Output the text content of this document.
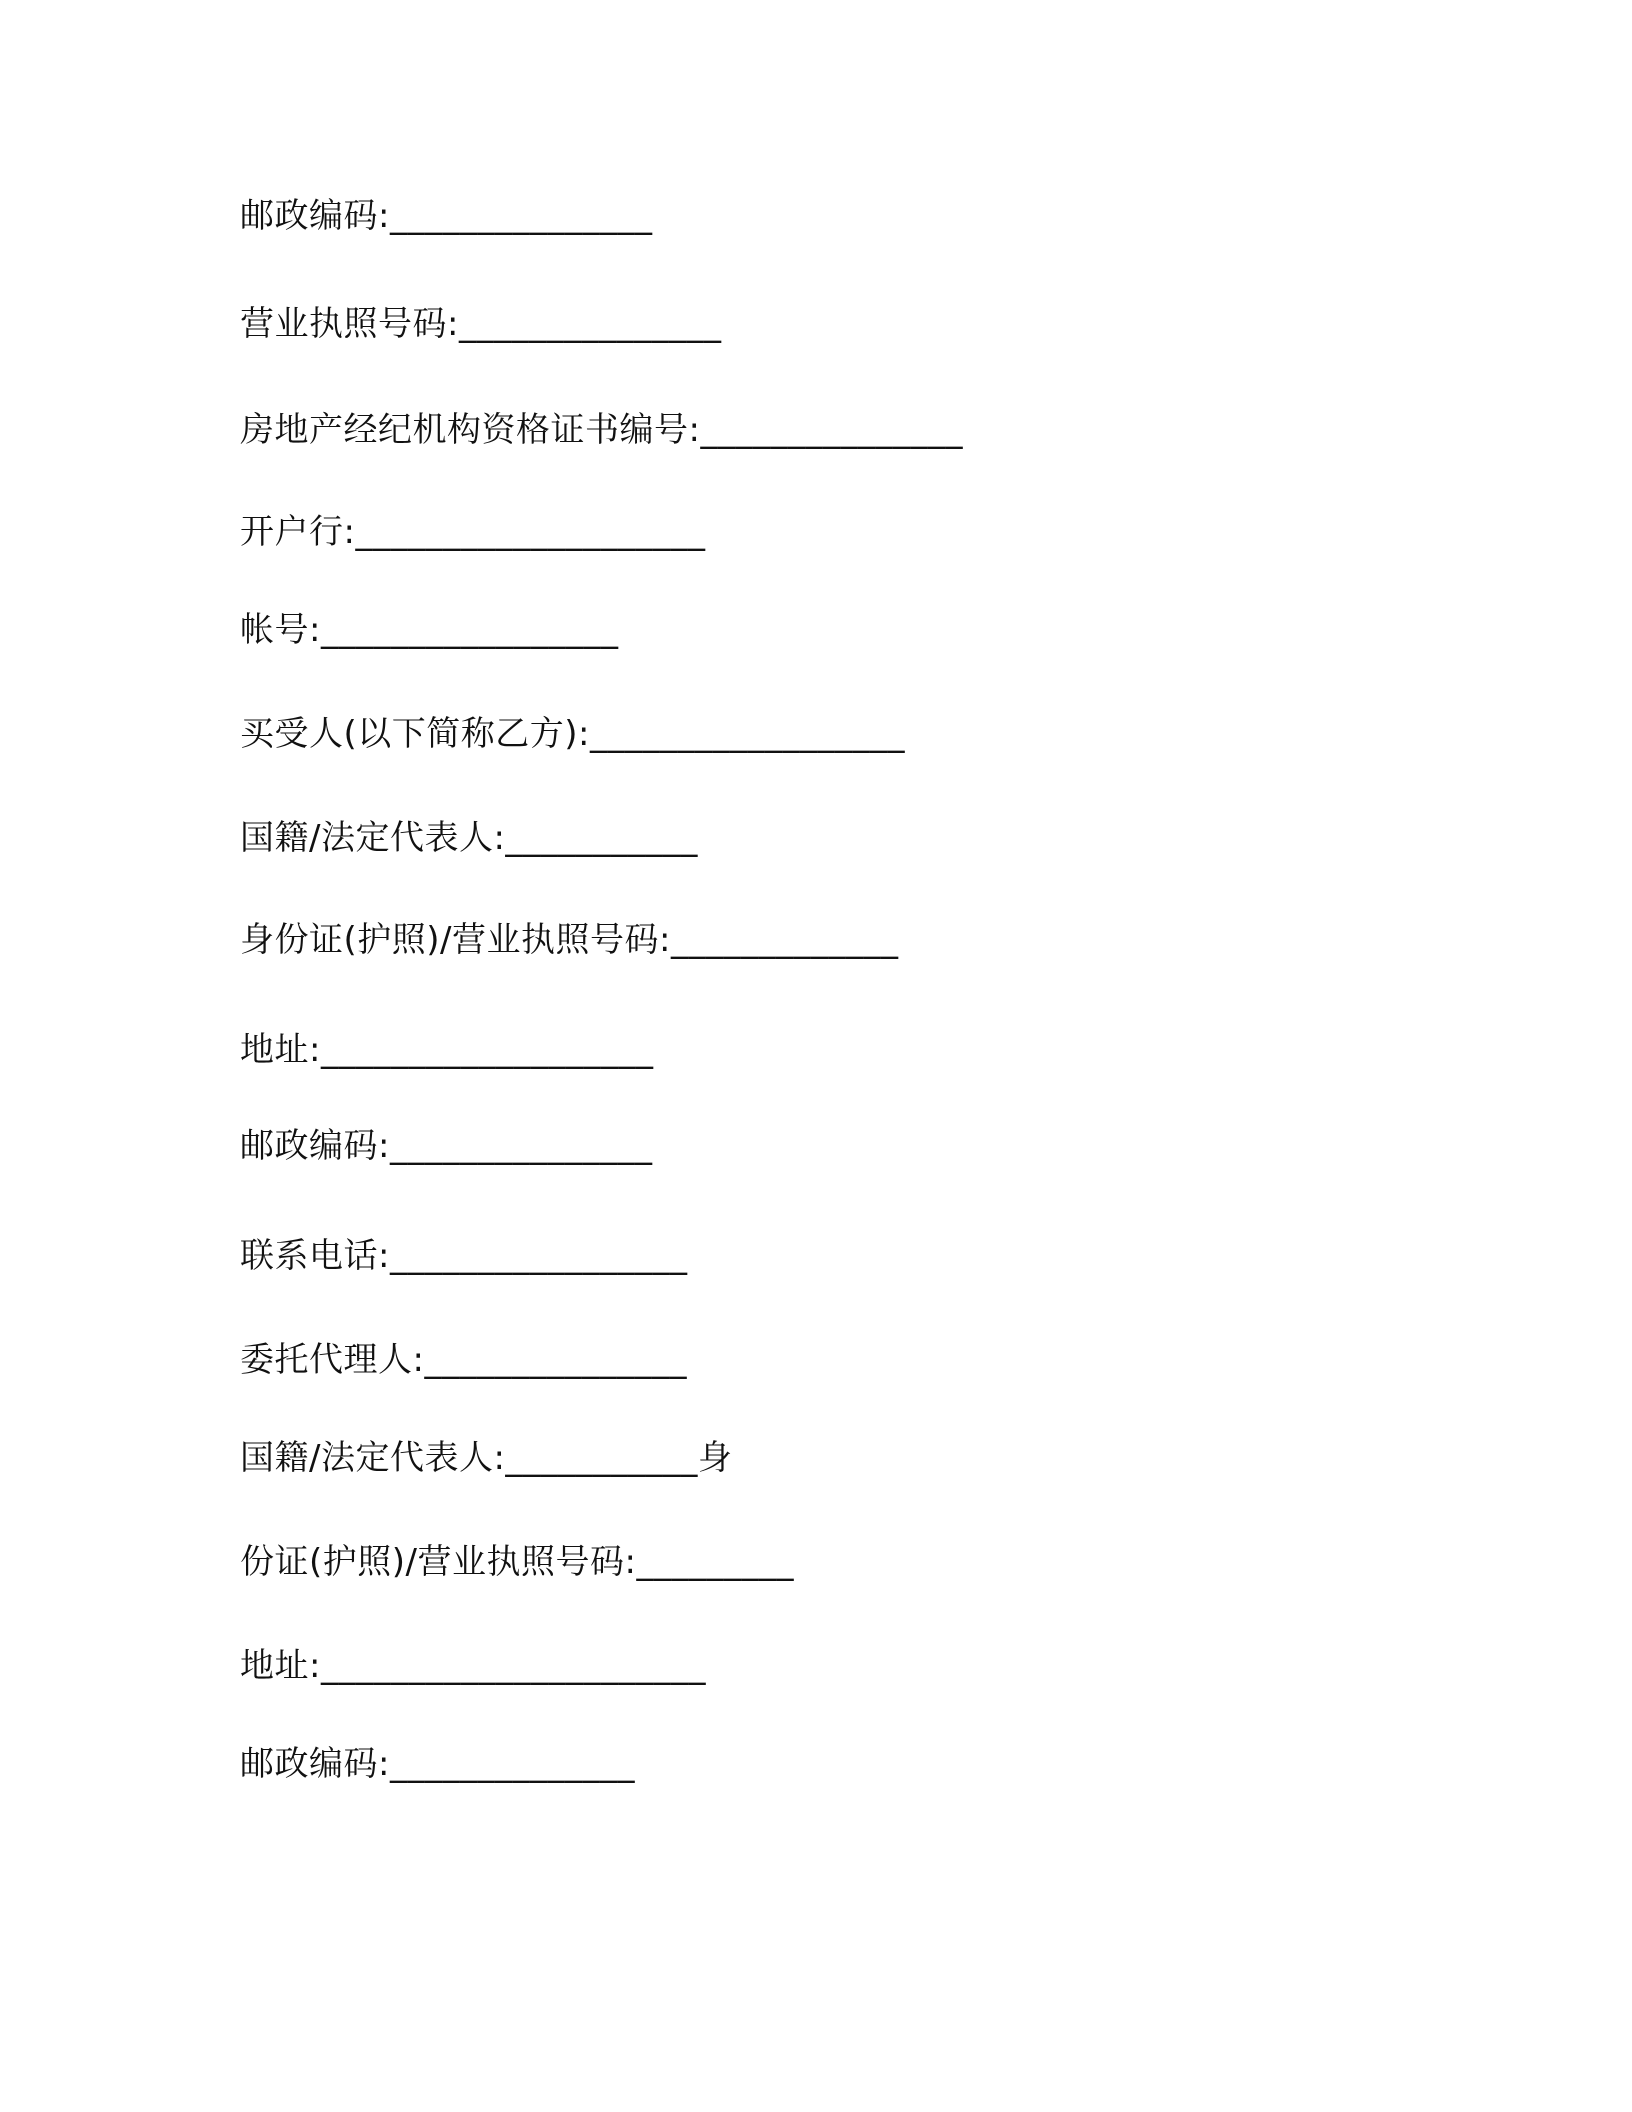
邮政编码:_______________
营业执照号码:_______________
房地产经纪机构资格证书编号:_______________
开户行:____________________
帐号:_________________
买受人(以下简称乙方):__________________
国籍/法定代表人:___________
身份证(护照)/营业执照号码:_____________
地址:___________________
邮政编码:_______________
联系电话:_________________
委托代理人:_______________
国籍/法定代表人:___________身
份证(护照)/营业执照号码:_________
地址:______________________
邮政编码:______________
